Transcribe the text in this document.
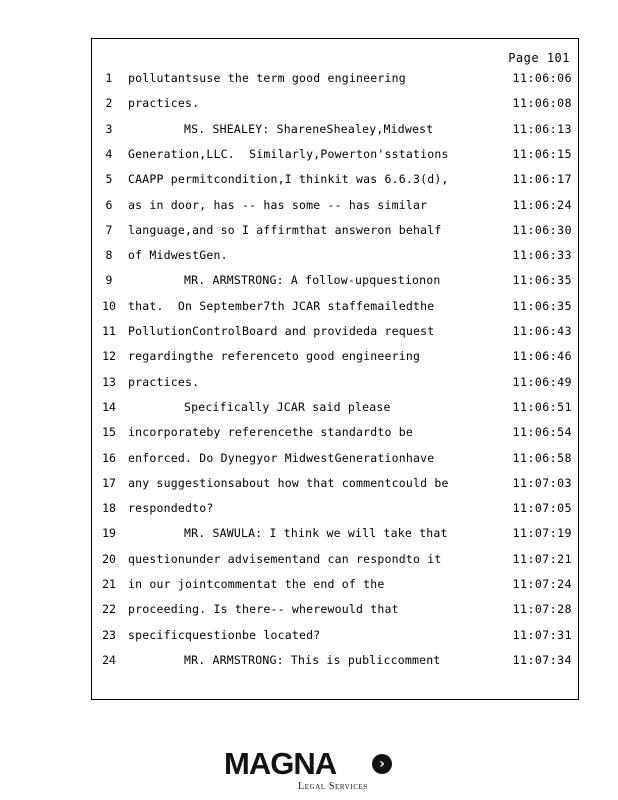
Page 101
1	pollutantsuse the term good engineering	11:06:06
2	practices.	11:06:08
3	MS. SHEALEY: ShareneShealey,Midwest	11:06:13
4	Generation,LLC.  Similarly,Powerton'sstations	11:06:15
5	CAAPP permitcondition,I thinkit was 6.6.3(d),	11:06:17
6	as in door, has -- has some -- has similar	11:06:24
7	language,and so I affirmthat answeron behalf	11:06:30
8	of MidwestGen.	11:06:33
9	MR. ARMSTRONG: A follow-upquestionon	11:06:35
10	that.  On September7th JCAR staffemailedthe	11:06:35
11	PollutionControlBoard and provideda request	11:06:43
12	regardingthe referenceto good engineering	11:06:46
13	practices.	11:06:49
14	Specifically JCAR said please	11:06:51
15	incorporateby referencethe standardto be	11:06:54
16	enforced. Do Dynegyor MidwestGenerationhave	11:06:58
17	any suggestionsabout how that commentcould be	11:07:03
18	respondedto?	11:07:05
19	MR. SAWULA: I think we will take that	11:07:19
20	questionunder advisementand can respondto it	11:07:21
21	in our jointcommentat the end of the	11:07:24
22	proceeding. Is there-- wherewould that	11:07:28
23	specificquestionbe located?	11:07:31
24	MR. ARMSTRONG: This is publiccomment	11:07:34
MAGNA	›
Legal Services
